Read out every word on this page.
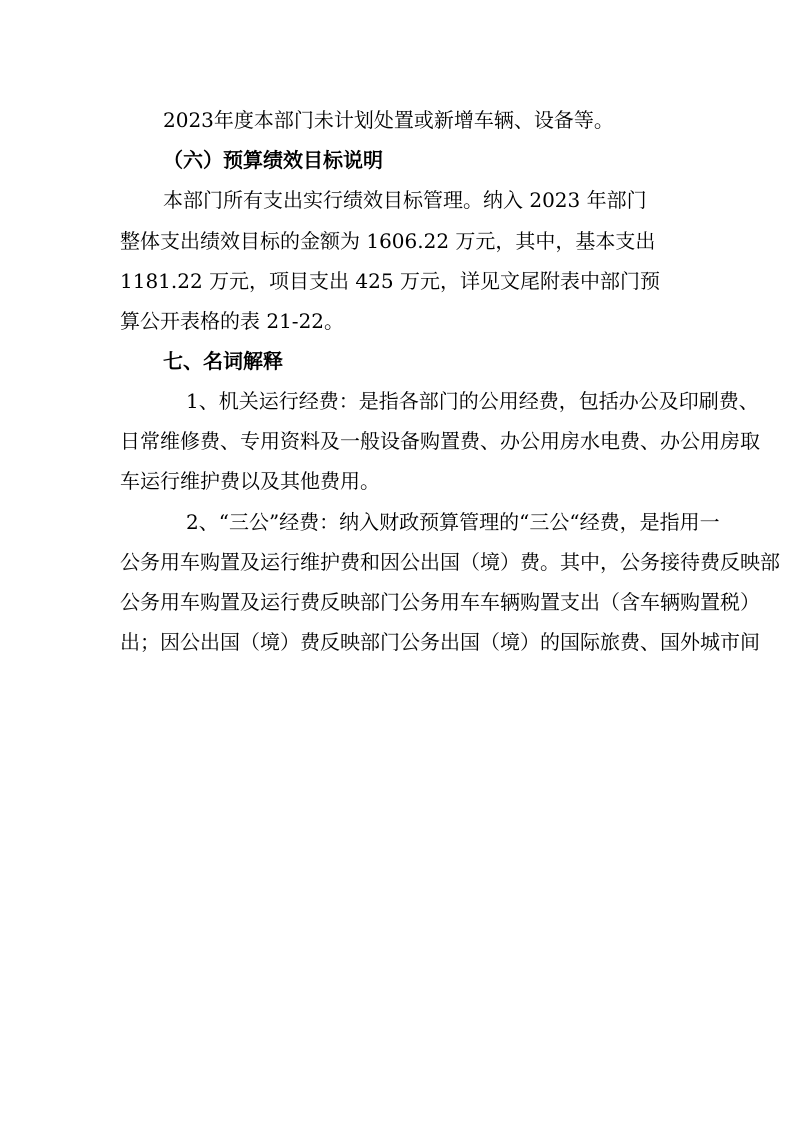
2023年度本部门未计划处置或新增车辆、设备等。

（六）预算绩效目标说明

本部门所有支出实行绩效目标管理。纳入 2023 年部门

整体支出绩效目标的金额为 1606.22 万元，其中，基本支出

1181.22 万元，项目支出 425 万元，详见文尾附表中部门预

算公开表格的表 21-22。

七、名词解释
1、机关运行经费：是指各部门的公用经费，包括办公及印刷费、
日常维修费、专用资料及一般设备购置费、办公用房水电费、办公用房取
车运行维护费以及其他费用。
2、“三公”经费：纳入财政预算管理的“三公“经费，是指用一
公务用车购置及运行维护费和因公出国（境）费。其中，公务接待费反映部
公务用车购置及运行费反映部门公务用车车辆购置支出（含车辆购置税）
出；因公出国（境）费反映部门公务出国（境）的国际旅费、国外城市间
